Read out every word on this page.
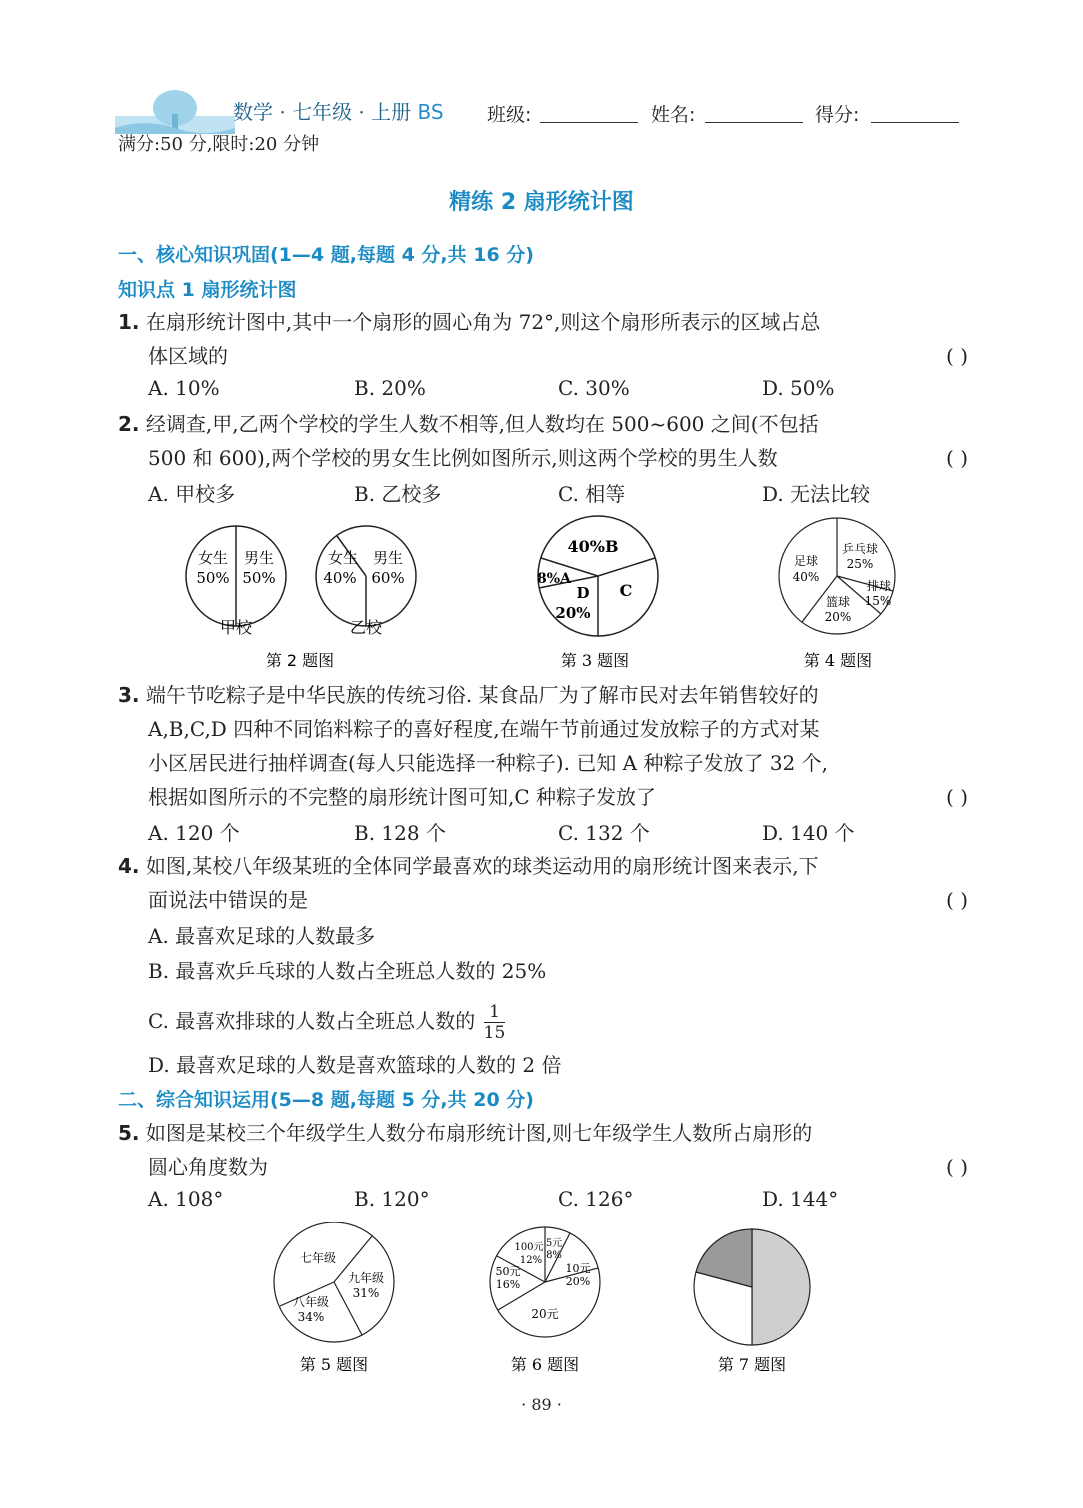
数学 · 七年级 · 上册 BS 班级:	姓名:	得分:
满分:50 分,限时:20 分钟
精练 2 扇形统计图
一、核心知识巩固(1—4 题,每题 4 分,共 16 分)
知识点 1 扇形统计图
1. 在扇形统计图中,其中一个扇形的圆心角为 72°,则这个扇形所表示的区域占总
体区域的	( )
A. 10%	B. 20%	C. 30%	D. 50%
2. 经调查,甲,乙两个学校的学生人数不相等,但人数均在 500~600 之间(不包括
500 和 600),两个学校的男女生比例如图所示,则这两个学校的男生人数	( )
A. 甲校多	B. 乙校多	C. 相等	D. 无法比较
女生
50%
男生
50%
甲校
女生
40%
男生
60%
乙校
第 2 题图
40%B
8%A
D
20%
C
第 3 题图
足球
40%
乒乓球
25%
排球
15%
篮球
20%
第 4 题图
3. 端午节吃粽子是中华民族的传统习俗. 某食品厂为了解市民对去年销售较好的
A,B,C,D 四种不同馅料粽子的喜好程度,在端午节前通过发放粽子的方式对某
小区居民进行抽样调查(每人只能选择一种粽子). 已知 A 种粽子发放了 32 个,
根据如图所示的不完整的扇形统计图可知,C 种粽子发放了	( )
A. 120 个	B. 128 个	C. 132 个	D. 140 个
4. 如图,某校八年级某班的全体同学最喜欢的球类运动用的扇形统计图来表示,下
面说法中错误的是	( )
A. 最喜欢足球的人数最多
B. 最喜欢乒乓球的人数占全班总人数的 25%
C. 最喜欢排球的人数占全班总人数的 $\frac{1}{15}$
D. 最喜欢足球的人数是喜欢篮球的人数的 2 倍
二、综合知识运用(5—8 题,每题 5 分,共 20 分)
5. 如图是某校三个年级学生人数分布扇形统计图,则七年级学生人数所占扇形的
圆心角度数为	( )
A. 108°	B. 120°	C. 126°	D. 144°
七年级
九年级
31%
八年级
34%
第 5 题图
100元
12%
5元
8%
10元
20%
50元
16%
20元
第 6 题图	第 7 题图
· 89 ·
